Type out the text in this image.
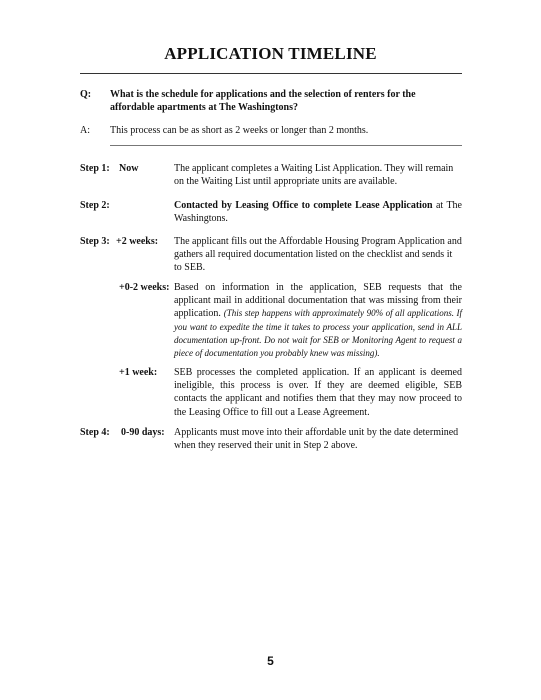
APPLICATION TIMELINE
Q: What is the schedule for applications and the selection of renters for the affordable apartments at The Washingtons?
A: This process can be as short as 2 weeks or longer than 2 months.
Step 1: Now	The applicant completes a Waiting List Application. They will remain on the Waiting List until appropriate units are available.
Step 2:	Contacted by Leasing Office to complete Lease Application at The Washingtons.
Step 3: +2 weeks: The applicant fills out the Affordable Housing Program Application and gathers all required documentation listed on the checklist and sends it to SEB.
+0-2 weeks: Based on information in the application, SEB requests that the applicant mail in additional documentation that was missing from their application. (This step happens with approximately 90% of all applications. If you want to expedite the time it takes to process your application, send in ALL documentation up-front. Do not wait for SEB or Monitoring Agent to request a piece of documentation you probably knew was missing).
+1 week: SEB processes the completed application. If an applicant is deemed ineligible, this process is over. If they are deemed eligible, SEB contacts the applicant and notifies them that they may now proceed to the Leasing Office to fill out a Lease Agreement.
Step 4: 0-90 days: Applicants must move into their affordable unit by the date determined when they reserved their unit in Step 2 above.
5
